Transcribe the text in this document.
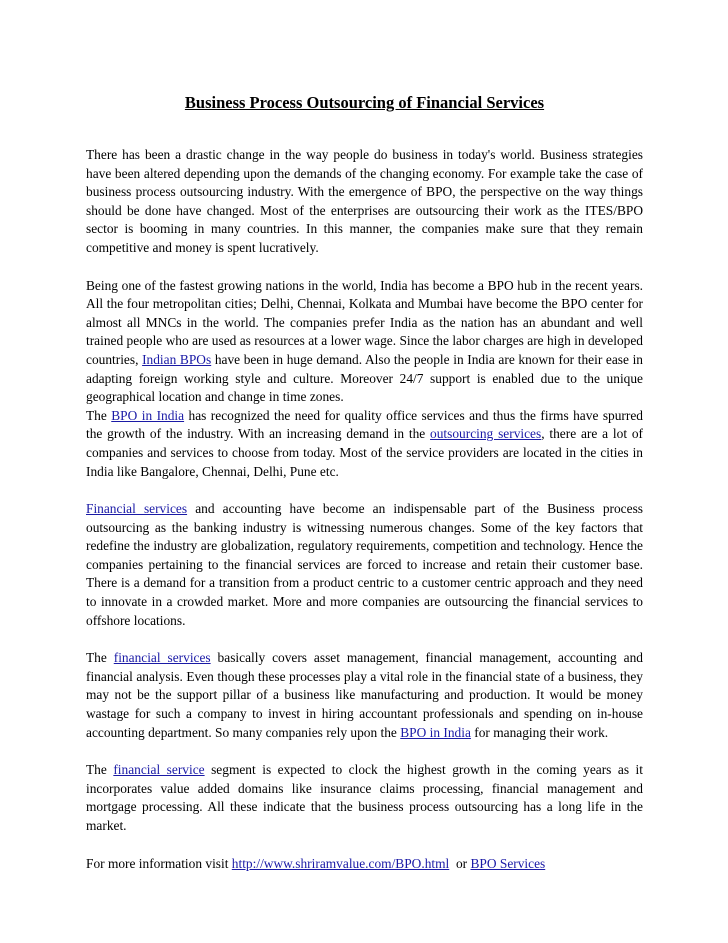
Business Process Outsourcing of Financial Services

There has been a drastic change in the way people do business in today's world. Business strategies have been altered depending upon the demands of the changing economy. For example take the case of business process outsourcing industry. With the emergence of BPO, the perspective on the way things should be done have changed. Most of the enterprises are outsourcing their work as the ITES/BPO sector is booming in many countries. In this manner, the companies make sure that they remain competitive and money is spent lucratively.

Being one of the fastest growing nations in the world, India has become a BPO hub in the recent years. All the four metropolitan cities; Delhi, Chennai, Kolkata and Mumbai have become the BPO center for almost all MNCs in the world. The companies prefer India as the nation has an abundant and well trained people who are used as resources at a lower wage. Since the labor charges are high in developed countries, Indian BPOs have been in huge demand. Also the people in India are known for their ease in adapting foreign working style and culture. Moreover 24/7 support is enabled due to the unique geographical location and change in time zones.

The BPO in India has recognized the need for quality office services and thus the firms have spurred the growth of the industry. With an increasing demand in the outsourcing services, there are a lot of companies and services to choose from today. Most of the service providers are located in the cities in India like Bangalore, Chennai, Delhi, Pune etc.

Financial services and accounting have become an indispensable part of the Business process outsourcing as the banking industry is witnessing numerous changes. Some of the key factors that redefine the industry are globalization, regulatory requirements, competition and technology. Hence the companies pertaining to the financial services are forced to increase and retain their customer base. There is a demand for a transition from a product centric to a customer centric approach and they need to innovate in a crowded market. More and more companies are outsourcing the financial services to offshore locations.

The financial services basically covers asset management, financial management, accounting and financial analysis. Even though these processes play a vital role in the financial state of a business, they may not be the support pillar of a business like manufacturing and production. It would be money wastage for such a company to invest in hiring accountant professionals and spending on in-house accounting department. So many companies rely upon the BPO in India for managing their work.

The financial service segment is expected to clock the highest growth in the coming years as it incorporates value added domains like insurance claims processing, financial management and mortgage processing. All these indicate that the business process outsourcing has a long life in the market.

For more information visit http://www.shriramvalue.com/BPO.html  or BPO Services
